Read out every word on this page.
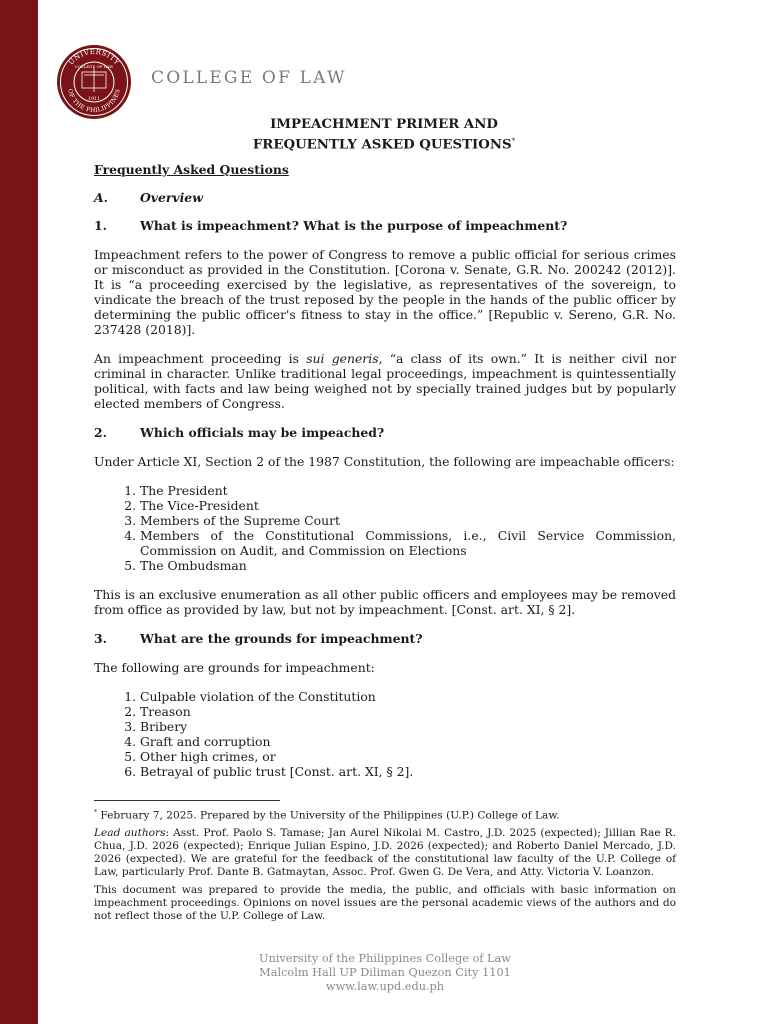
UNIVERSITY
OF THE PHILIPPINES
1911
COLLEGE OF LAW
COLLEGE OF LAW
IMPEACHMENT PRIMER AND
FREQUENTLY ASKED QUESTIONS*
Frequently Asked Questions
A.	Overview
1.	What is impeachment? What is the purpose of impeachment?

Impeachment refers to the power of Congress to remove a public official for serious crimes or misconduct as provided in the Constitution. [Corona v. Senate, G.R. No. 200242 (2012)]. It is “a proceeding exercised by the legislative, as representatives of the sovereign, to vindicate the breach of the trust reposed by the people in the hands of the public officer by determining the public officer's fitness to stay in the office.” [Republic v. Sereno, G.R. No. 237428 (2018)].

An impeachment proceeding is sui generis, “a class of its own.” It is neither civil nor criminal in character. Unlike traditional legal proceedings, impeachment is quintessentially political, with facts and law being weighed not by specially trained judges but by popularly elected members of Congress.

2.	Which officials may be impeached?

Under Article XI, Section 2 of the 1987 Constitution, the following are impeachable officers:

1. The President
2. The Vice-President
3. Members of the Supreme Court
4. Members of the Constitutional Commissions, i.e., Civil Service Commission, Commission on Audit, and Commission on Elections
5. The Ombudsman

This is an exclusive enumeration as all other public officers and employees may be removed from office as provided by law, but not by impeachment. [Const. art. XI, § 2].

3.	What are the grounds for impeachment?

The following are grounds for impeachment:

1. Culpable violation of the Constitution
2. Treason
3. Bribery
4. Graft and corruption
5. Other high crimes, or
6. Betrayal of public trust [Const. art. XI, § 2].

* February 7, 2025. Prepared by the University of the Philippines (U.P.) College of Law.

Lead authors: Asst. Prof. Paolo S. Tamase; Jan Aurel Nikolai M. Castro, J.D. 2025 (expected); Jillian Rae R. Chua, J.D. 2026 (expected); Enrique Julian Espino, J.D. 2026 (expected); and Roberto Daniel Mercado, J.D. 2026 (expected). We are grateful for the feedback of the constitutional law faculty of the U.P. College of Law, particularly Prof. Dante B. Gatmaytan, Assoc. Prof. Gwen G. De Vera, and Atty. Victoria V. Loanzon.

This document was prepared to provide the media, the public, and officials with basic information on impeachment proceedings. Opinions on novel issues are the personal academic views of the authors and do not reflect those of the U.P. College of Law.

University of the Philippines College of Law
Malcolm Hall UP Diliman Quezon City 1101
www.law.upd.edu.ph
